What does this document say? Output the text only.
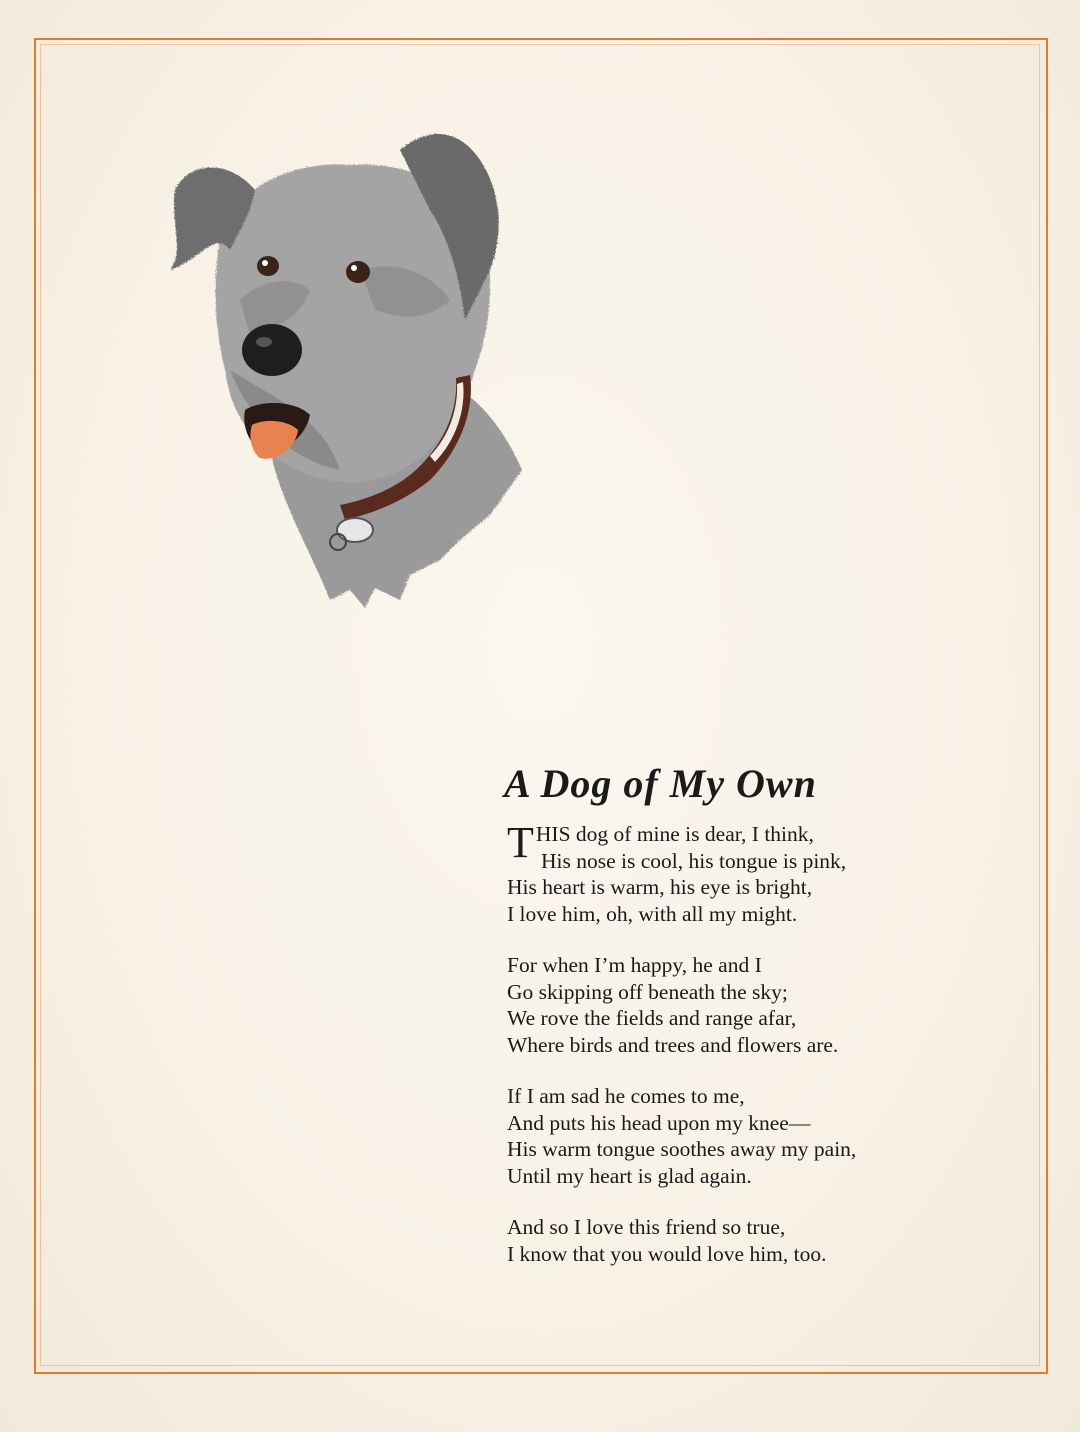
A Dog of My Own
THIS dog of mine is dear, I think,
His nose is cool, his tongue is pink,
His heart is warm, his eye is bright,
I love him, oh, with all my might.
For when I’m happy, he and I
Go skipping off beneath the sky;
We rove the fields and range afar,
Where birds and trees and flowers are.
If I am sad he comes to me,
And puts his head upon my knee—
His warm tongue soothes away my pain,
Until my heart is glad again.
And so I love this friend so true,
I know that you would love him, too.
